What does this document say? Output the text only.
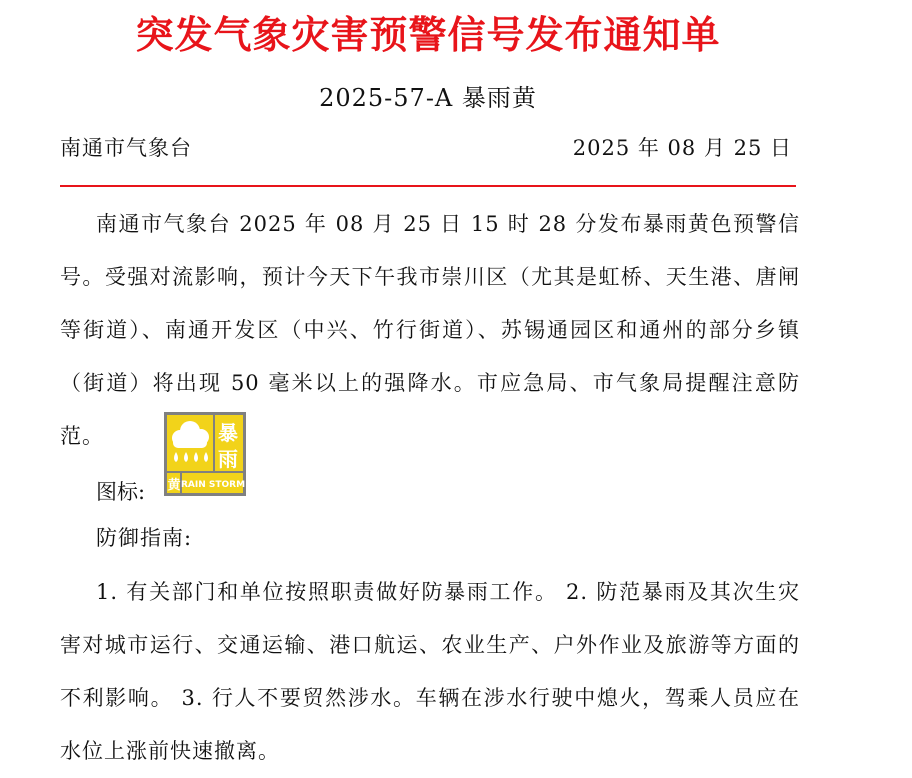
突发气象灾害预警信号发布通知单
2025-57-A 暴雨黄
南通市气象台	2025 年 08 月 25 日

南通市气象台 2025 年 08 月 25 日 15 时 28 分发布暴雨黄色预警信号。受强对流影响，预计今天下午我市崇川区（尤其是虹桥、天生港、唐闸等街道）、南通开发区（中兴、竹行街道）、苏锡通园区和通州的部分乡镇（街道）将出现 50 毫米以上的强降水。市应急局、市气象局提醒注意防范。

图标:
暴
雨
黄 RAIN STORM
防御指南:

1. 有关部门和单位按照职责做好防暴雨工作。 2. 防范暴雨及其次生灾害对城市运行、交通运输、港口航运、农业生产、户外作业及旅游等方面的不利影响。 3. 行人不要贸然涉水。车辆在涉水行驶中熄火，驾乘人员应在水位上涨前快速撤离。
